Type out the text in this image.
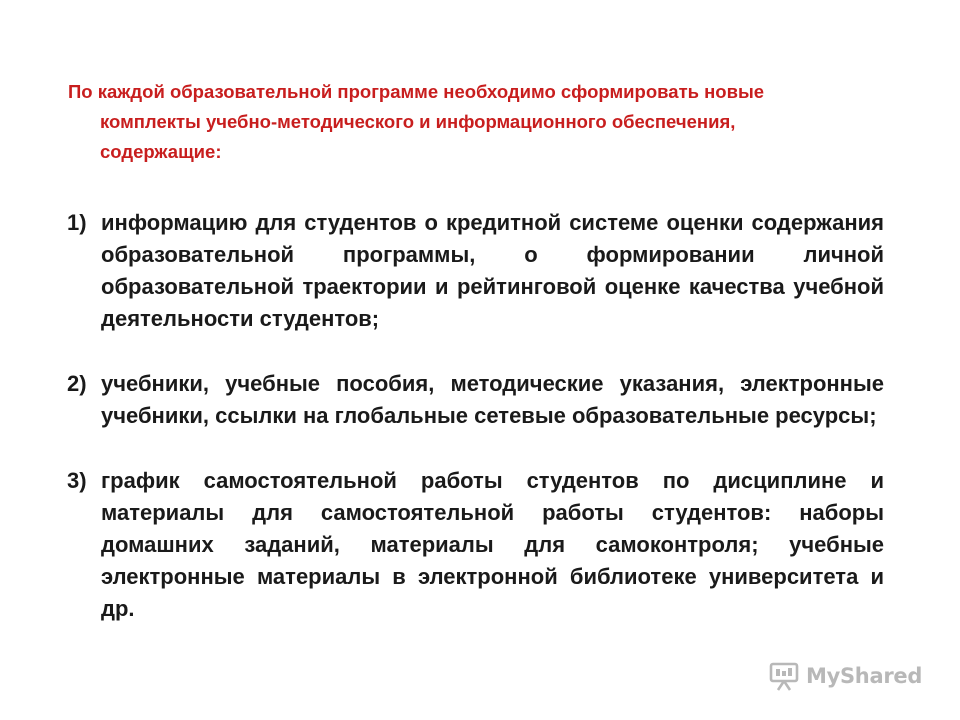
По каждой образовательной программе необходимо сформировать новые
комплекты учебно-методического и информационного обеспечения,
содержащие:
1) информацию для студентов о кредитной системе оценки содержания образовательной программы, о формировании личной образовательной траектории и рейтинговой оценке качества учебной деятельности студентов;
2) учебники, учебные пособия, методические указания, электронные учебники, ссылки на глобальные сетевые образовательные ресурсы;
3) график самостоятельной работы студентов по дисциплине и материалы для самостоятельной работы студентов: наборы домашних заданий, материалы для самоконтроля; учебные электронные материалы в электронной библиотеке университета и др.
MyShared
